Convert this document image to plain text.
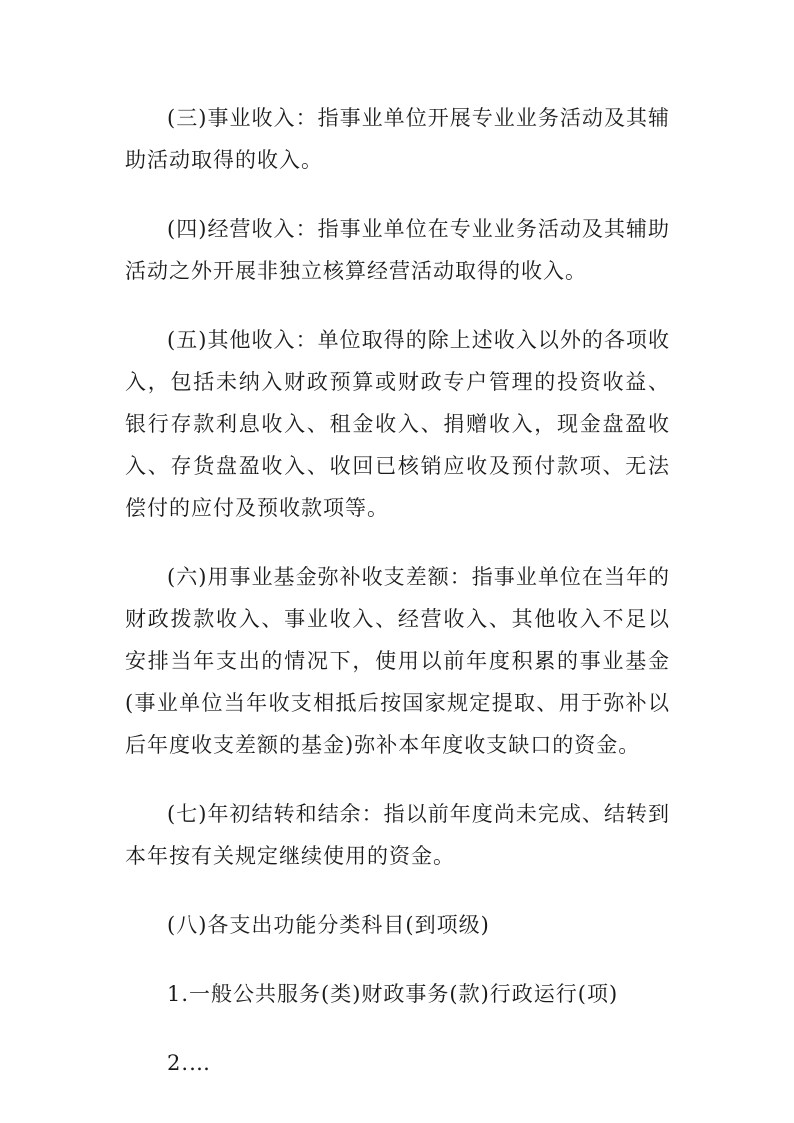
(三)事业收入：指事业单位开展专业业务活动及其辅助活动取得的收入。

(四)经营收入：指事业单位在专业业务活动及其辅助活动之外开展非独立核算经营活动取得的收入。

(五)其他收入：单位取得的除上述收入以外的各项收入，包括未纳入财政预算或财政专户管理的投资收益、银行存款利息收入、租金收入、捐赠收入，现金盘盈收入、存货盘盈收入、收回已核销应收及预付款项、无法偿付的应付及预收款项等。

(六)用事业基金弥补收支差额：指事业单位在当年的财政拨款收入、事业收入、经营收入、其他收入不足以安排当年支出的情况下，使用以前年度积累的事业基金(事业单位当年收支相抵后按国家规定提取、用于弥补以后年度收支差额的基金)弥补本年度收支缺口的资金。

(七)年初结转和结余：指以前年度尚未完成、结转到本年按有关规定继续使用的资金。

(八)各支出功能分类科目(到项级)

1.一般公共服务(类)财政事务(款)行政运行(项)

2.…
